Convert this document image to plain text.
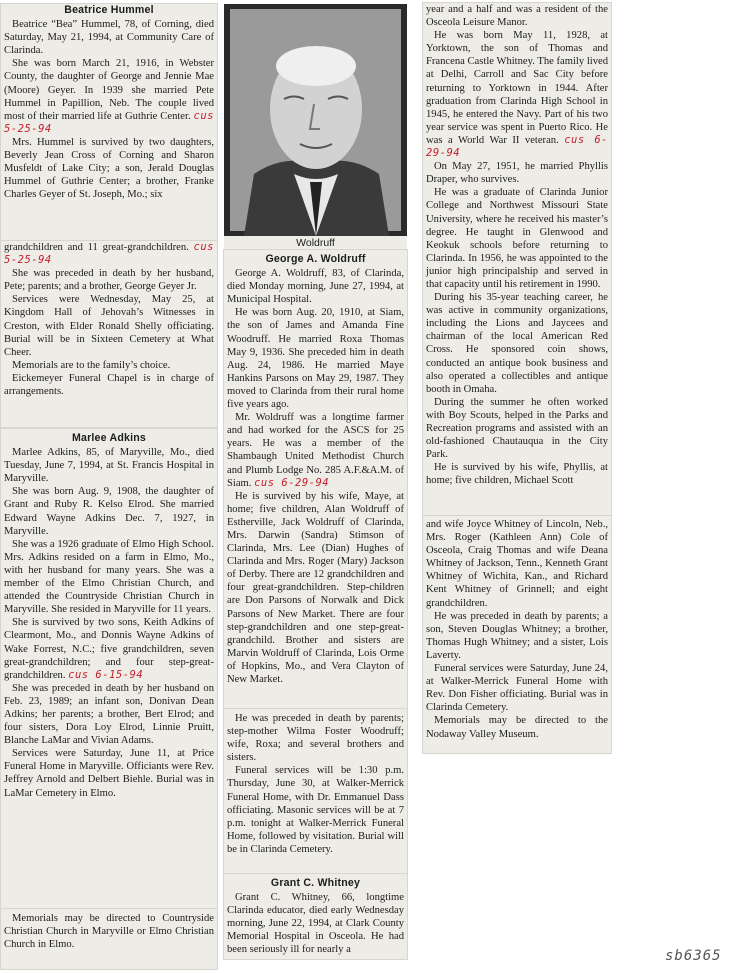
Beatrice Hummel

Beatrice “Bea” Hummel, 78, of Corning, died Saturday, May 21, 1994, at Community Care of Clarinda.

She was born March 21, 1916, in Webster County, the daughter of George and Jennie Mae (Moore) Geyer. In 1939 she married Pete Hummel in Papillion, Neb. The couple lived most of their married life at Guthrie Center. cus 5-25-94

Mrs. Hummel is survived by two daughters, Beverly Jean Cross of Corning and Sharon Musfeldt of Lake City; a son, Jerald Douglas Hummel of Guthrie Center; a brother, Franke Charles Geyer of St. Joseph, Mo.; six

grandchildren and 11 great-grandchildren. cus 5-25-94

She was preceded in death by her husband, Pete; parents; and a brother, George Geyer Jr.

Services were Wednesday, May 25, at Kingdom Hall of Jehovah’s Witnesses in Creston, with Elder Ronald Shelly officiating. Burial will be in Sixteen Cemetery at What Cheer.

Memorials are to the family’s choice.

Eickemeyer Funeral Chapel is in charge of arrangements.

Marlee Adkins

Marlee Adkins, 85, of Maryville, Mo., died Tuesday, June 7, 1994, at St. Francis Hospital in Maryville.

She was born Aug. 9, 1908, the daughter of Grant and Ruby R. Kelso Elrod. She married Edward Wayne Adkins Dec. 7, 1927, in Maryville.

She was a 1926 graduate of Elmo High School. Mrs. Adkins resided on a farm in Elmo, Mo., with her husband for many years. She was a member of the Elmo Christian Church, and attended the Countryside Christian Church in Maryville. She resided in Maryville for 11 years.

She is survived by two sons, Keith Adkins of Clearmont, Mo., and Donnis Wayne Adkins of Wake Forrest, N.C.; five grandchildren, seven great-grandchildren; and four step-great-grandchildren. cus 6-15-94

She was preceded in death by her husband on Feb. 23, 1989; an infant son, Donivan Dean Adkins; her parents; a brother, Bert Elrod; and four sisters, Dora Loy Elrod, Linnie Pruitt, Blanche LaMar and Vivian Adams.

Services were Saturday, June 11, at Price Funeral Home in Maryville. Officiants were Rev. Jeffrey Arnold and Delbert Biehle. Burial was in LaMar Cemetery in Elmo.

Memorials may be directed to Countryside Christian Church in Maryville or Elmo Christian Church in Elmo.

Woldruff
George A. Woldruff

George A. Woldruff, 83, of Clarinda, died Monday morning, June 27, 1994, at Municipal Hospital.

He was born Aug. 20, 1910, at Siam, the son of James and Amanda Fine Woodruff. He married Roxa Thomas May 9, 1936. She preceded him in death Aug. 24, 1986. He married Maye Hankins Parsons on May 29, 1987. They moved to Clarinda from their rural home five years ago.

Mr. Woldruff was a longtime farmer and had worked for the ASCS for 25 years. He was a member of the Shambaugh United Methodist Church and Plumb Lodge No. 285 A.F.&A.M. of Siam. cus 6-29-94

He is survived by his wife, Maye, at home; five children, Alan Woldruff of Estherville, Jack Woldruff of Clarinda, Mrs. Darwin (Sandra) Stimson of Clarinda, Mrs. Lee (Dian) Hughes of Clarinda and Mrs. Roger (Mary) Jackson of Derby. There are 12 grandchildren and four great-grandchildren. Step-children are Don Parsons of Norwalk and Dick Parsons of New Market. There are four step-grandchildren and one step-great-grandchild. Brother and sisters are Marvin Woldruff of Clarinda, Lois Orme of Hopkins, Mo., and Vera Clayton of New Market.

He was preceded in death by parents; step-mother Wilma Foster Woodruff; wife, Roxa; and several brothers and sisters.

Funeral services will be 1:30 p.m. Thursday, June 30, at Walker-Merrick Funeral Home, with Dr. Emmanuel Dass officiating. Masonic services will be at 7 p.m. tonight at Walker-Merrick Funeral Home, followed by visitation. Burial will be in Clarinda Cemetery.

Grant C. Whitney

Grant C. Whitney, 66, longtime Clarinda educator, died early Wednesday morning, June 22, 1994, at Clark County Memorial Hospital in Osceola. He had been seriously ill for nearly a

year and a half and was a resident of the Osceola Leisure Manor.

He was born May 11, 1928, at Yorktown, the son of Thomas and Francena Castle Whitney. The family lived at Delhi, Carroll and Sac City before returning to Yorktown in 1944. After graduation from Clarinda High School in 1945, he entered the Navy. Part of his two year service was spent in Puerto Rico. He was a World War II veteran. cus 6-29-94

On May 27, 1951, he married Phyllis Draper, who survives.

He was a graduate of Clarinda Junior College and Northwest Missouri State University, where he received his master’s degree. He taught in Glenwood and Keokuk schools before returning to Clarinda. In 1956, he was appointed to the junior high principalship and served in that capacity until his retirement in 1990.

During his 35-year teaching career, he was active in community organizations, including the Lions and Jaycees and chairman of the local American Red Cross. He sponsored coin shows, conducted an antique book business and also operated a collectibles and antique booth in Omaha.

During the summer he often worked with Boy Scouts, helped in the Parks and Recreation programs and assisted with an old-fashioned Chautauqua in the City Park.

He is survived by his wife, Phyllis, at home; five children, Michael Scott

and wife Joyce Whitney of Lincoln, Neb., Mrs. Roger (Kathleen Ann) Cole of Osceola, Craig Thomas and wife Deana Whitney of Jackson, Tenn., Kenneth Grant Whitney of Wichita, Kan., and Richard Kent Whitney of Grinnell; and eight grandchildren.

He was preceded in death by parents; a son, Steven Douglas Whitney; a brother, Thomas Hugh Whitney; and a sister, Lois Laverty.

Funeral services were Saturday, June 24, at Walker-Merrick Funeral Home with Rev. Don Fisher officiating. Burial was in Clarinda Cemetery.

Memorials may be directed to the Nodaway Valley Museum.

sb6365
